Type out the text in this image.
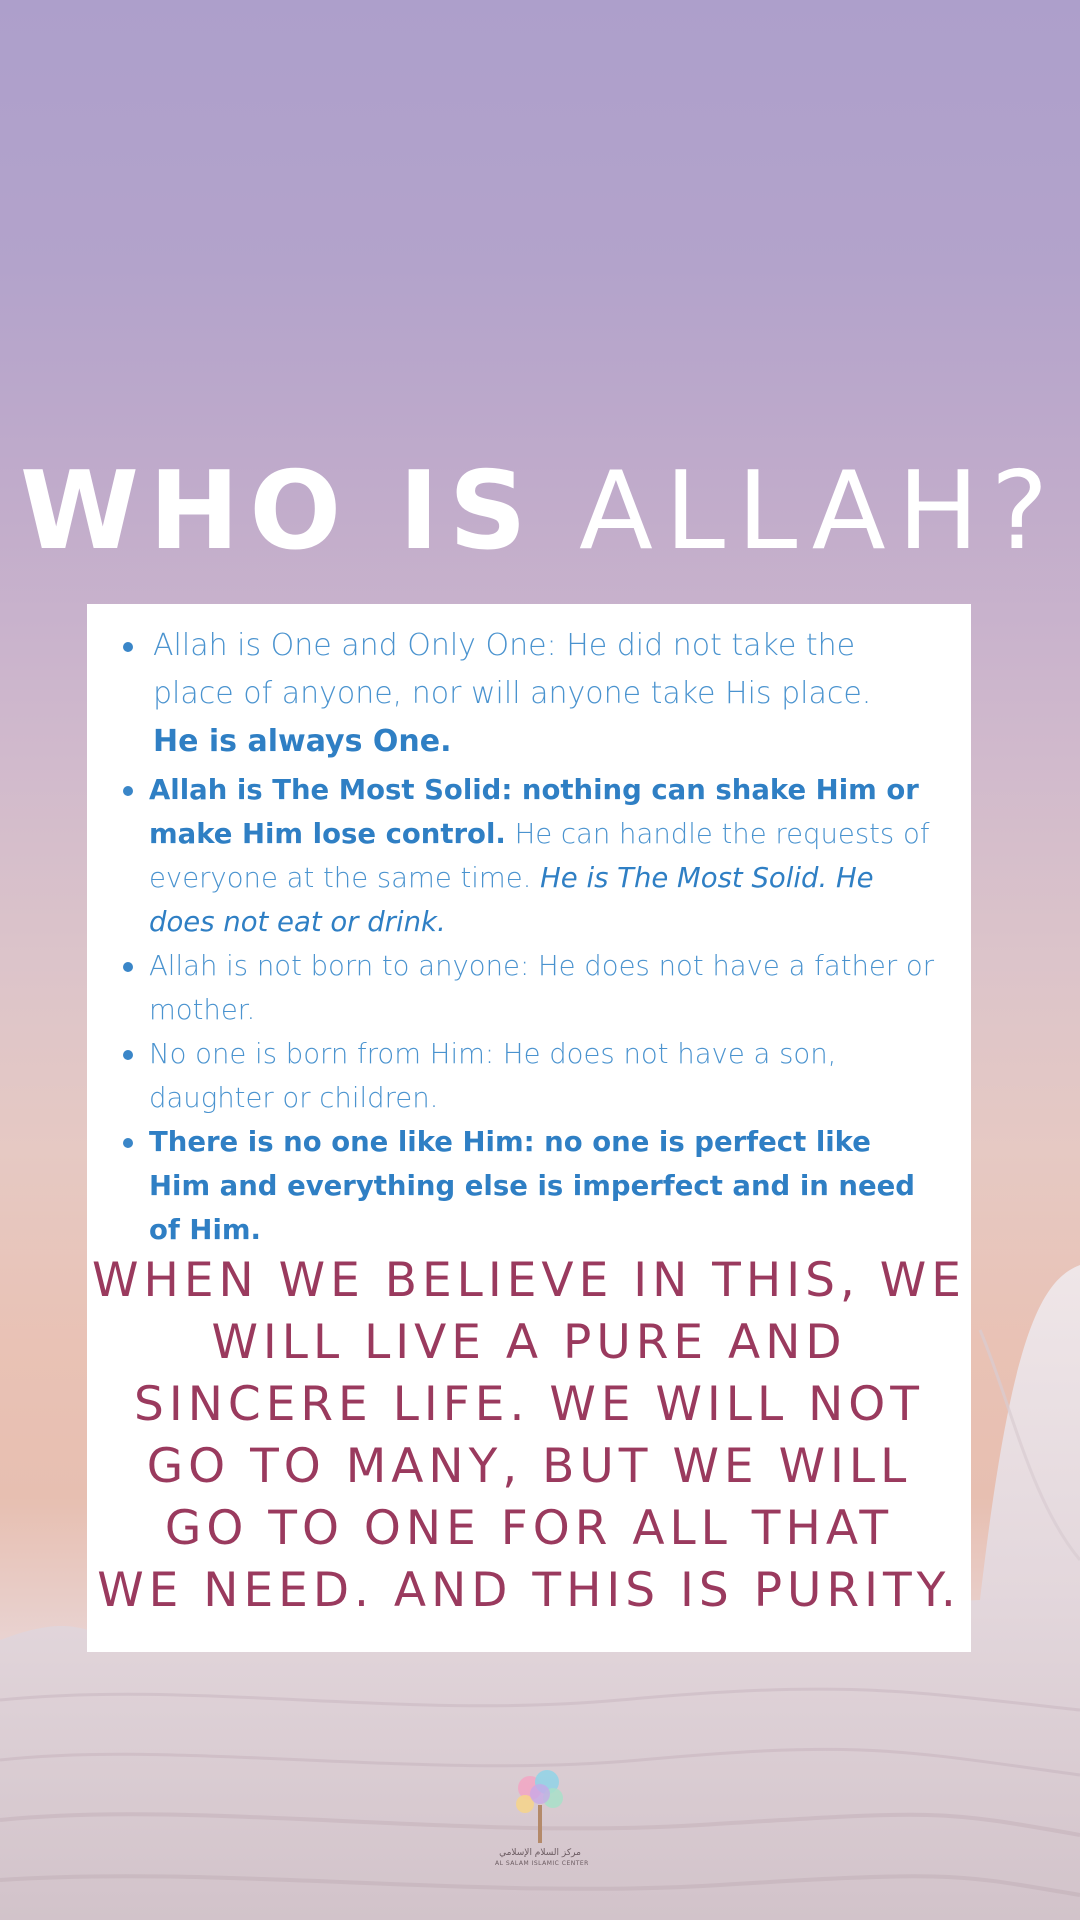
WHO IS ALLAH?
Allah is One and Only One: He did not take the place of anyone, nor will anyone take His place.
He is always One.
Allah is The Most Solid: nothing can shake Him or make Him lose control. He can handle the requests of everyone at the same time. He is The Most Solid. He does not eat or drink.
Allah is not born to anyone: He does not have a father or mother.
No one is born from Him: He does not have a son, daughter or children.
There is no one like Him: no one is perfect like Him and everything else is imperfect and in need of Him.
WHEN WE BELIEVE IN THIS, WE
WILL LIVE A PURE AND
SINCERE LIFE. WE WILL NOT
GO TO MANY, BUT WE WILL
GO TO ONE FOR ALL THAT
WE NEED. AND THIS IS PURITY.
مركز السلام الإسلامي
AL SALAM ISLAMIC CENTER
